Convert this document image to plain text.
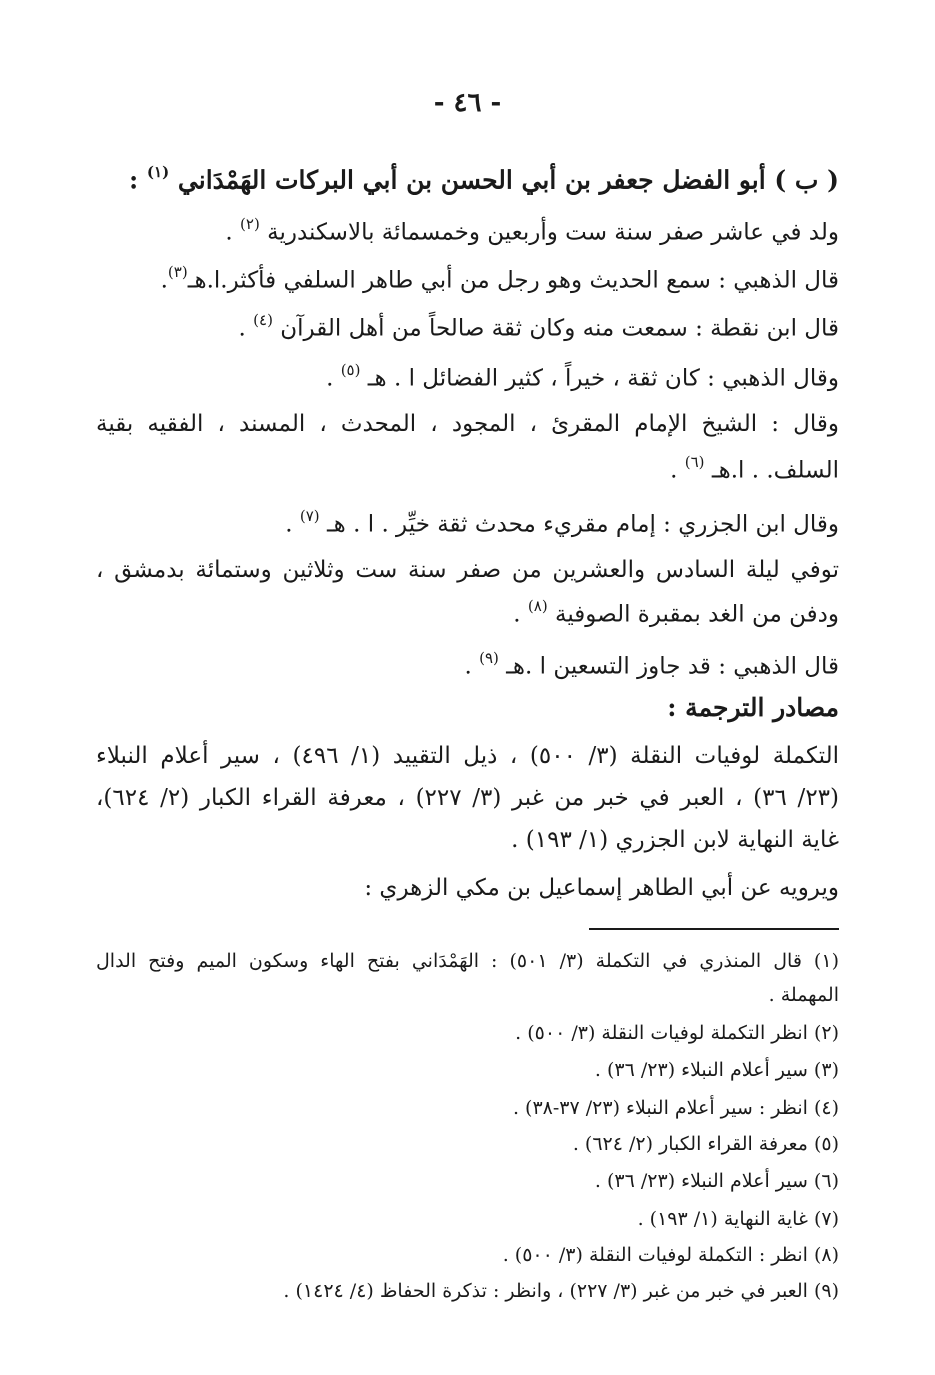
- ٤٦ -
( ب ) أبو الفضل جعفر بن أبي الحسن بن أبي البركات الهَمْدَاني $^{(١)}$ :
ولد في عاشر صفر سنة ست وأربعين وخمسمائة بالاسكندرية $^{(٢)}$ .
قال الذهبي : سمع الحديث وهو رجل من أبي طاهر السلفي فأكثر.ا.هـ$^{(٣)}$.
قال ابن نقطة : سمعت منه وكان ثقة صالحاً من أهل القرآن $^{(٤)}$ .
وقال الذهبي : كان ثقة ، خيراً ، كثير الفضائل ا . هـ $^{(٥)}$ .
وقال : الشيخ الإمام المقرئ ، المجود ، المحدث ، المسند ، الفقيه بقية
السلف. . ا.هـ $^{(٦)}$ .
وقال ابن الجزري : إمام مقريء محدث ثقة خيِّر . ا . هـ $^{(٧)}$ .
توفي ليلة السادس والعشرين من صفر سنة ست وثلاثين وستمائة بدمشق ،
ودفن من الغد بمقبرة الصوفية $^{(٨)}$ .
قال الذهبي : قد جاوز التسعين ا .هـ $^{(٩)}$ .
مصادر الترجمة :
التكملة لوفيات النقلة (٣/ ٥٠٠) ، ذيل التقييد (١/ ٤٩٦) ، سير أعلام النبلاء
(٢٣/ ٣٦) ، العبر في خبر من غبر (٣/ ٢٢٧) ، معرفة القراء الكبار (٢/ ٦٢٤)،
غاية النهاية لابن الجزري (١/ ١٩٣) .
ويرويه عن أبي الطاهر إسماعيل بن مكي الزهري :
(١) قال المنذري في التكملة (٣/ ٥٠١) : الهَمْدَاني بفتح الهاء وسكون الميم وفتح الدال
المهملة .
(٢) انظر التكملة لوفيات النقلة (٣/ ٥٠٠) .
(٣) سير أعلام النبلاء (٢٣/ ٣٦) .
(٤) انظر : سير أعلام النبلاء (٢٣/ ٣٧-٣٨) .
(٥) معرفة القراء الكبار (٢/ ٦٢٤) .
(٦) سير أعلام النبلاء (٢٣/ ٣٦) .
(٧) غاية النهاية (١/ ١٩٣) .
(٨) انظر : التكملة لوفيات النقلة (٣/ ٥٠٠) .
(٩) العبر في خبر من غبر (٣/ ٢٢٧) ، وانظر : تذكرة الحفاظ (٤/ ١٤٢٤) .
